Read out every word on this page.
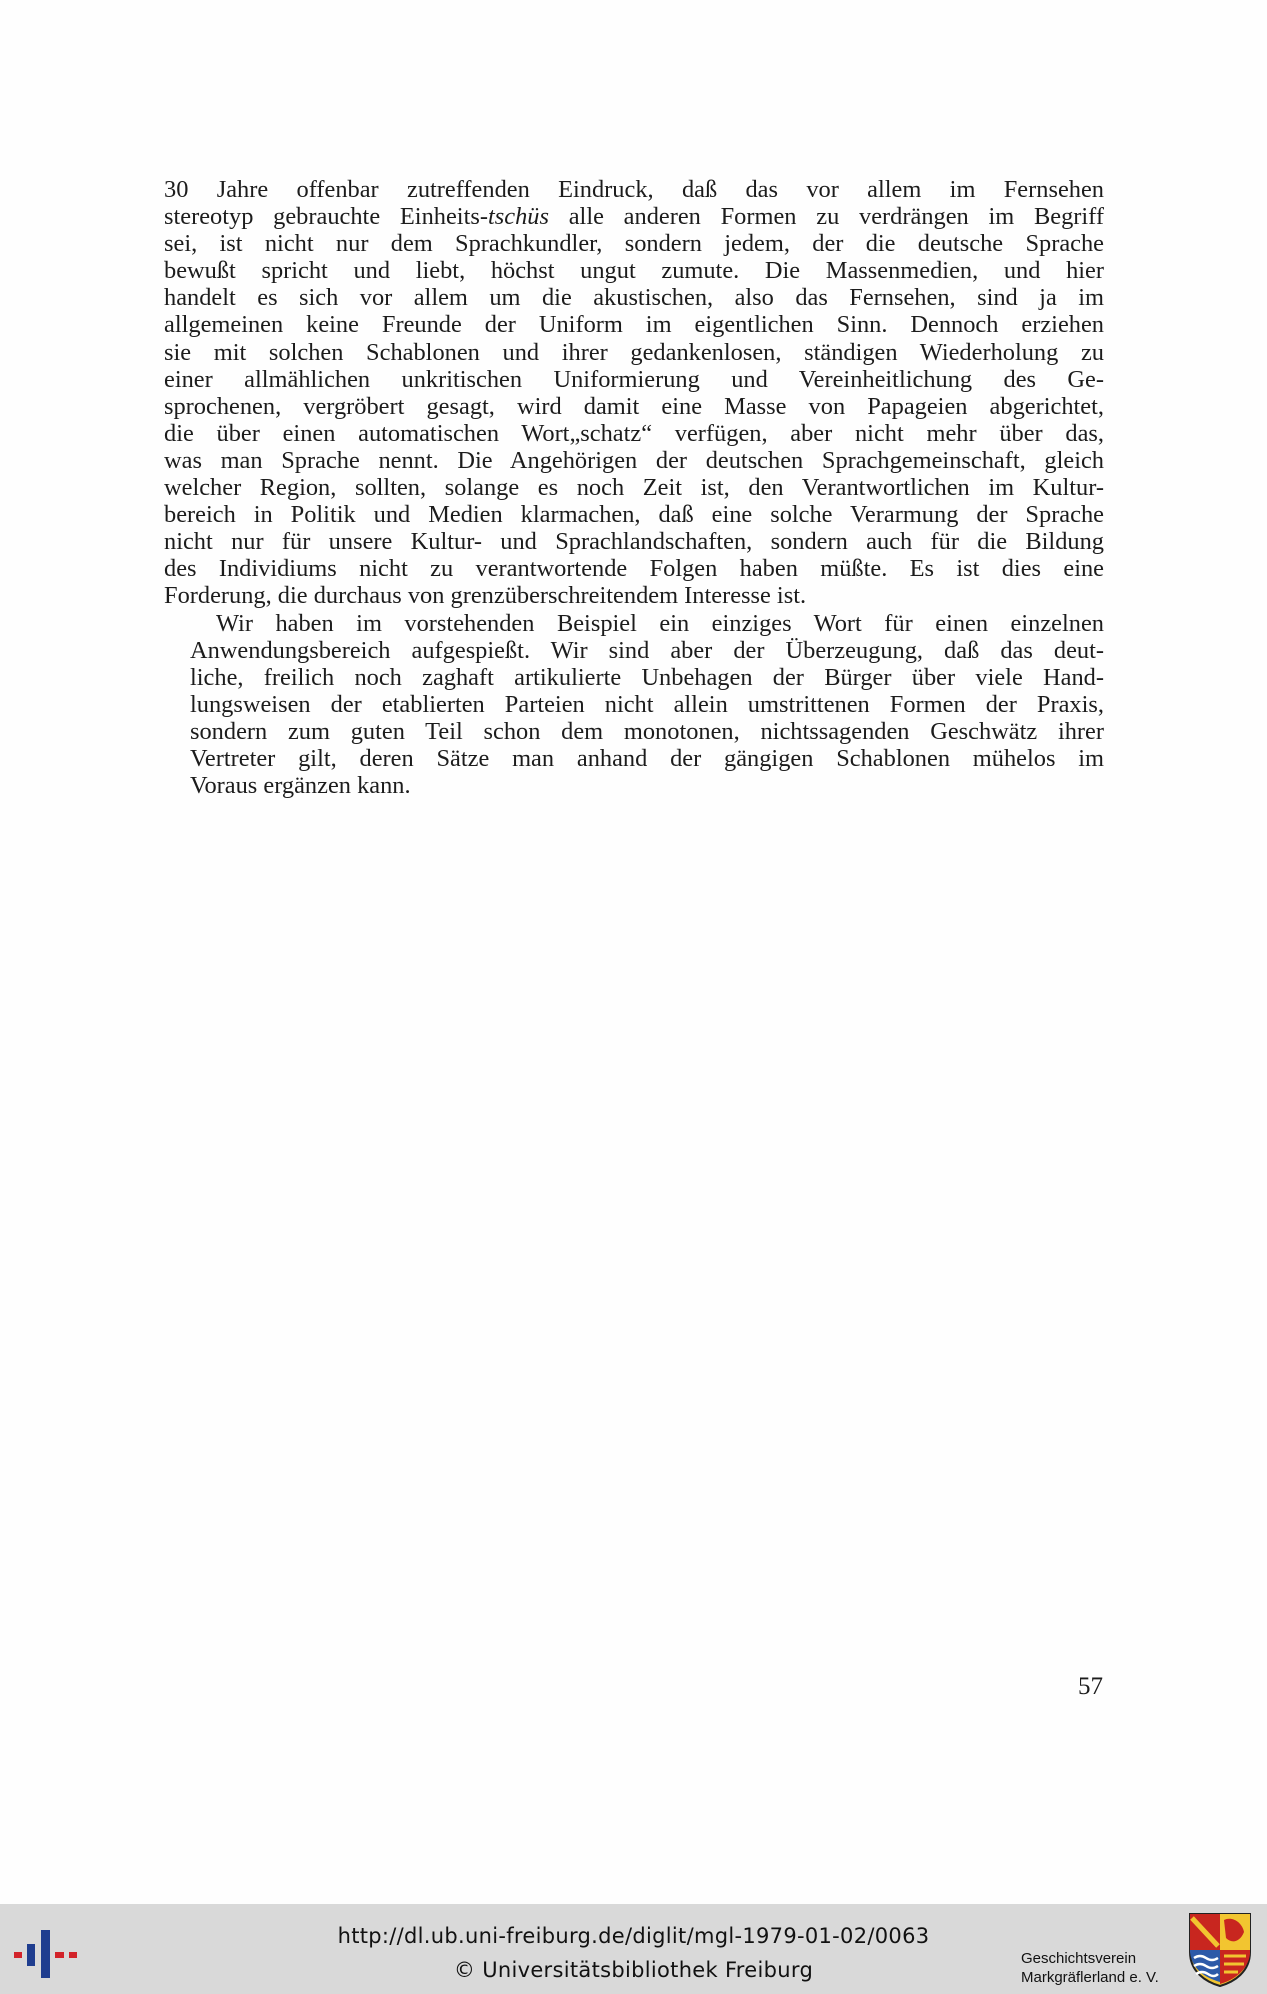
30 Jahre offenbar zutreffenden Eindruck, daß das vor allem im Fernsehen
stereotyp gebrauchte Einheits-tschüs alle anderen Formen zu verdrängen im Begriff
sei, ist nicht nur dem Sprachkundler, sondern jedem, der die deutsche Sprache
bewußt spricht und liebt, höchst ungut zumute. Die Massenmedien, und hier
handelt es sich vor allem um die akustischen, also das Fernsehen, sind ja im
allgemeinen keine Freunde der Uniform im eigentlichen Sinn. Dennoch erziehen
sie mit solchen Schablonen und ihrer gedankenlosen, ständigen Wiederholung zu
einer allmählichen unkritischen Uniformierung und Vereinheitlichung des Ge-
sprochenen, vergröbert gesagt, wird damit eine Masse von Papageien abgerichtet,
die über einen automatischen Wort„schatz“ verfügen, aber nicht mehr über das,
was man Sprache nennt. Die Angehörigen der deutschen Sprachgemeinschaft, gleich
welcher Region, sollten, solange es noch Zeit ist, den Verantwortlichen im Kultur-
bereich in Politik und Medien klarmachen, daß eine solche Verarmung der Sprache
nicht nur für unsere Kultur- und Sprachlandschaften, sondern auch für die Bildung
des Individiums nicht zu verantwortende Folgen haben müßte. Es ist dies eine
Forderung, die durchaus von grenzüberschreitendem Interesse ist.

Wir haben im vorstehenden Beispiel ein einziges Wort für einen einzelnen
Anwendungsbereich aufgespießt. Wir sind aber der Überzeugung, daß das deut-
liche, freilich noch zaghaft artikulierte Unbehagen der Bürger über viele Hand-
lungsweisen der etablierten Parteien nicht allein umstrittenen Formen der Praxis,
sondern zum guten Teil schon dem monotonen, nichtssagenden Geschwätz ihrer
Vertreter gilt, deren Sätze man anhand der gängigen Schablonen mühelos im
Voraus ergänzen kann.

57
http://dl.ub.uni-freiburg.de/diglit/mgl-1979-01-02/0063
© Universitätsbibliothek Freiburg	Geschichtsverein
Markgräflerland e. V.
